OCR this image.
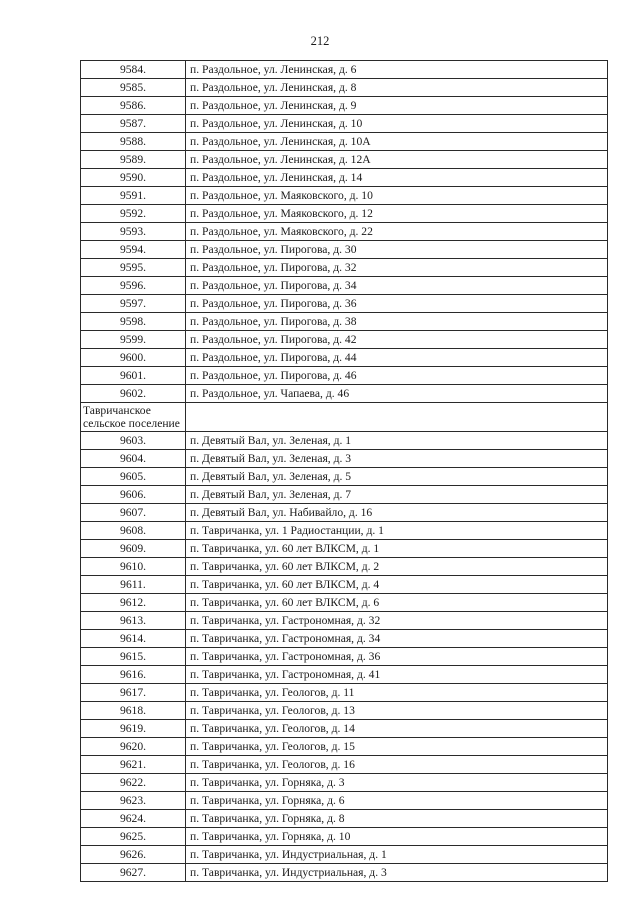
212
9584.	п. Раздольное, ул. Ленинская, д. 6
9585.	п. Раздольное, ул. Ленинская, д. 8
9586.	п. Раздольное, ул. Ленинская, д. 9
9587.	п. Раздольное, ул. Ленинская, д. 10
9588.	п. Раздольное, ул. Ленинская, д. 10А
9589.	п. Раздольное, ул. Ленинская, д. 12А
9590.	п. Раздольное, ул. Ленинская, д. 14
9591.	п. Раздольное, ул. Маяковского, д. 10
9592.	п. Раздольное, ул. Маяковского, д. 12
9593.	п. Раздольное, ул. Маяковского, д. 22
9594.	п. Раздольное, ул. Пирогова, д. 30
9595.	п. Раздольное, ул. Пирогова, д. 32
9596.	п. Раздольное, ул. Пирогова, д. 34
9597.	п. Раздольное, ул. Пирогова, д. 36
9598.	п. Раздольное, ул. Пирогова, д. 38
9599.	п. Раздольное, ул. Пирогова, д. 42
9600.	п. Раздольное, ул. Пирогова, д. 44
9601.	п. Раздольное, ул. Пирогова, д. 46
9602.	п. Раздольное, ул. Чапаева, д. 46
Тавричанское сельское поселение	
9603.	п. Девятый Вал, ул. Зеленая, д. 1
9604.	п. Девятый Вал, ул. Зеленая, д. 3
9605.	п. Девятый Вал, ул. Зеленая, д. 5
9606.	п. Девятый Вал, ул. Зеленая, д. 7
9607.	п. Девятый Вал, ул. Набивайло, д. 16
9608.	п. Тавричанка, ул. 1 Радиостанции, д. 1
9609.	п. Тавричанка, ул. 60 лет ВЛКСМ, д. 1
9610.	п. Тавричанка, ул. 60 лет ВЛКСМ, д. 2
9611.	п. Тавричанка, ул. 60 лет ВЛКСМ, д. 4
9612.	п. Тавричанка, ул. 60 лет ВЛКСМ, д. 6
9613.	п. Тавричанка, ул. Гастрономная, д. 32
9614.	п. Тавричанка, ул. Гастрономная, д. 34
9615.	п. Тавричанка, ул. Гастрономная, д. 36
9616.	п. Тавричанка, ул. Гастрономная, д. 41
9617.	п. Тавричанка, ул. Геологов, д. 11
9618.	п. Тавричанка, ул. Геологов, д. 13
9619.	п. Тавричанка, ул. Геологов, д. 14
9620.	п. Тавричанка, ул. Геологов, д. 15
9621.	п. Тавричанка, ул. Геологов, д. 16
9622.	п. Тавричанка, ул. Горняка, д. 3
9623.	п. Тавричанка, ул. Горняка, д. 6
9624.	п. Тавричанка, ул. Горняка, д. 8
9625.	п. Тавричанка, ул. Горняка, д. 10
9626.	п. Тавричанка, ул. Индустриальная, д. 1
9627.	п. Тавричанка, ул. Индустриальная, д. 3
